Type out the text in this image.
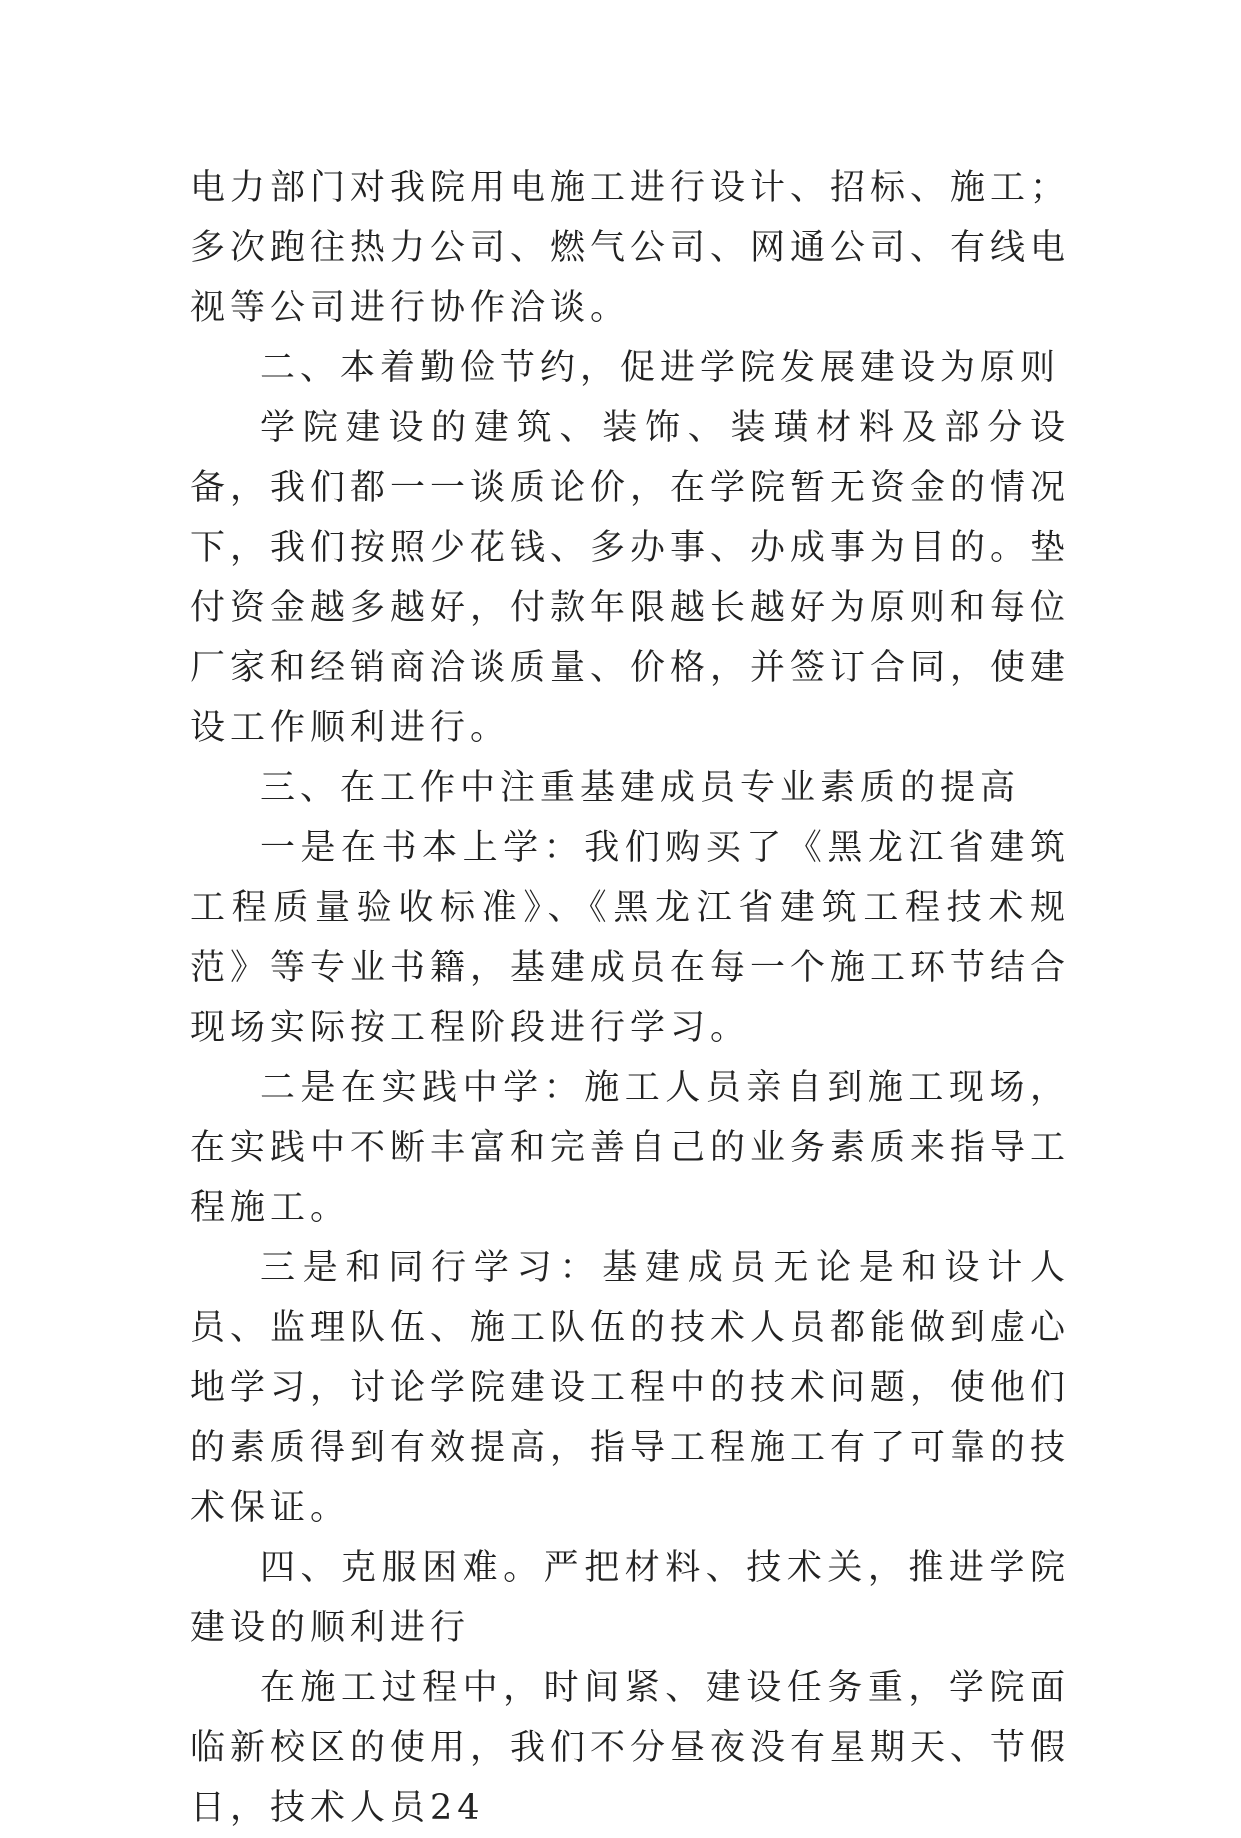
电力部门对我院用电施工进行设计、招标、施工；多次跑往热力公司、燃气公司、网通公司、有线电视等公司进行协作洽谈。

二、本着勤俭节约，促进学院发展建设为原则

学院建设的建筑、装饰、装璜材料及部分设备，我们都一一谈质论价，在学院暂无资金的情况下，我们按照少花钱、多办事、办成事为目的。垫付资金越多越好，付款年限越长越好为原则和每位厂家和经销商洽谈质量、价格，并签订合同，使建设工作顺利进行。

三、在工作中注重基建成员专业素质的提高

一是在书本上学：我们购买了《黑龙江省建筑工程质量验收标准》、《黑龙江省建筑工程技术规范》等专业书籍，基建成员在每一个施工环节结合现场实际按工程阶段进行学习。

二是在实践中学：施工人员亲自到施工现场，在实践中不断丰富和完善自己的业务素质来指导工程施工。

三是和同行学习：基建成员无论是和设计人员、监理队伍、施工队伍的技术人员都能做到虚心地学习，讨论学院建设工程中的技术问题，使他们的素质得到有效提高，指导工程施工有了可靠的技术保证。

四、克服困难。严把材料、技术关，推进学院建设的顺利进行

在施工过程中，时间紧、建设任务重，学院面临新校区的使用，我们不分昼夜没有星期天、节假日，技术人员24
